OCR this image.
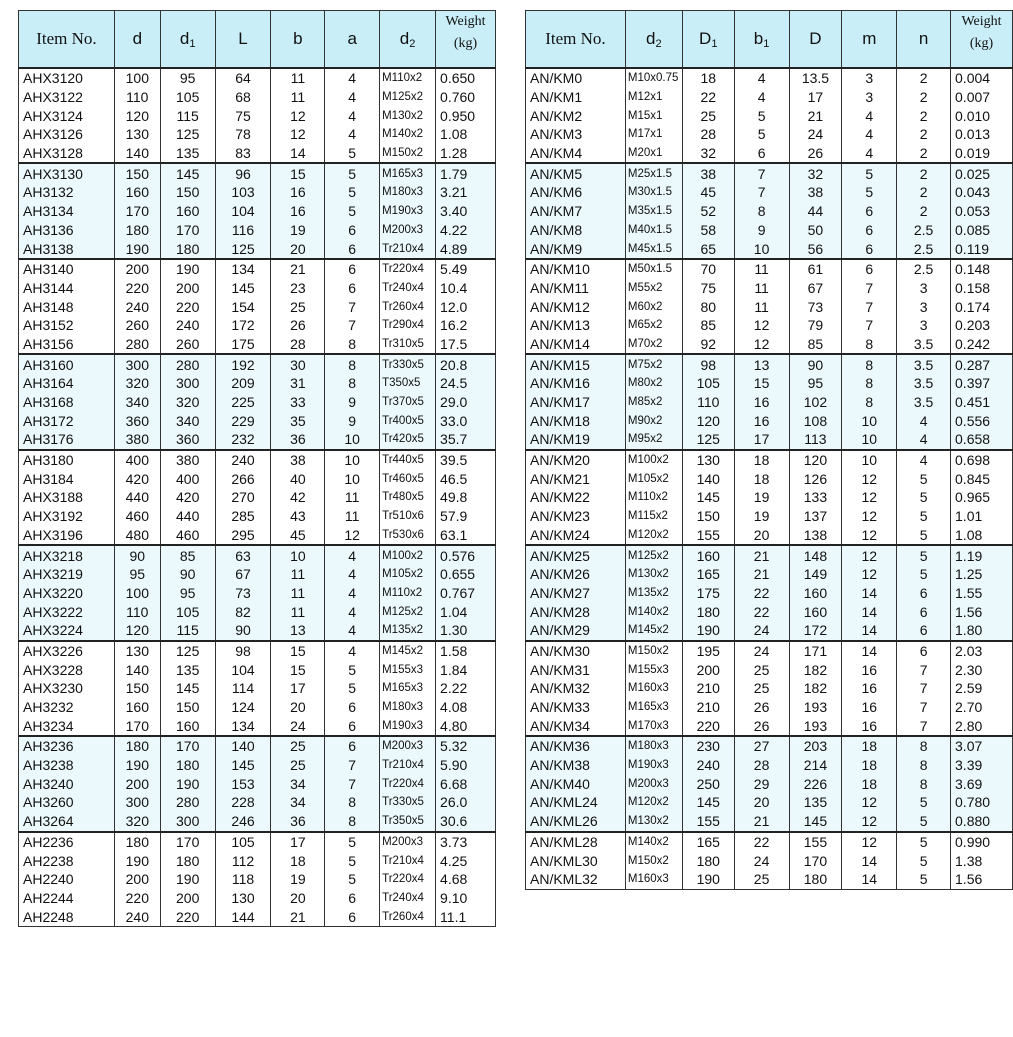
Item No.	d	$d_1$	L	b	a	$d_2$	Weight
(kg)
AHX3120	100	95	64	11	4	M110x2	0.650
AHX3122	110	105	68	11	4	M125x2	0.760
AHX3124	120	115	75	12	4	M130x2	0.950
AHX3126	130	125	78	12	4	M140x2	1.08
AHX3128	140	135	83	14	5	M150x2	1.28
AHX3130	150	145	96	15	5	M165x3	1.79
AH3132	160	150	103	16	5	M180x3	3.21
AH3134	170	160	104	16	5	M190x3	3.40
AH3136	180	170	116	19	6	M200x3	4.22
AH3138	190	180	125	20	6	Tr210x4	4.89
AH3140	200	190	134	21	6	Tr220x4	5.49
AH3144	220	200	145	23	6	Tr240x4	10.4
AH3148	240	220	154	25	7	Tr260x4	12.0
AH3152	260	240	172	26	7	Tr290x4	16.2
AH3156	280	260	175	28	8	Tr310x5	17.5
AH3160	300	280	192	30	8	Tr330x5	20.8
AH3164	320	300	209	31	8	T350x5	24.5
AH3168	340	320	225	33	9	Tr370x5	29.0
AH3172	360	340	229	35	9	Tr400x5	33.0
AH3176	380	360	232	36	10	Tr420x5	35.7
AH3180	400	380	240	38	10	Tr440x5	39.5
AH3184	420	400	266	40	10	Tr460x5	46.5
AHX3188	440	420	270	42	11	Tr480x5	49.8
AHX3192	460	440	285	43	11	Tr510x6	57.9
AHX3196	480	460	295	45	12	Tr530x6	63.1
AHX3218	90	85	63	10	4	M100x2	0.576
AHX3219	95	90	67	11	4	M105x2	0.655
AHX3220	100	95	73	11	4	M110x2	0.767
AHX3222	110	105	82	11	4	M125x2	1.04
AHX3224	120	115	90	13	4	M135x2	1.30
AHX3226	130	125	98	15	4	M145x2	1.58
AHX3228	140	135	104	15	5	M155x3	1.84
AHX3230	150	145	114	17	5	M165x3	2.22
AH3232	160	150	124	20	6	M180x3	4.08
AH3234	170	160	134	24	6	M190x3	4.80
AH3236	180	170	140	25	6	M200x3	5.32
AH3238	190	180	145	25	7	Tr210x4	5.90
AH3240	200	190	153	34	7	Tr220x4	6.68
AH3260	300	280	228	34	8	Tr330x5	26.0
AH3264	320	300	246	36	8	Tr350x5	30.6
AH2236	180	170	105	17	5	M200x3	3.73
AH2238	190	180	112	18	5	Tr210x4	4.25
AH2240	200	190	118	19	5	Tr220x4	4.68
AH2244	220	200	130	20	6	Tr240x4	9.10
AH2248	240	220	144	21	6	Tr260x4	11.1
Item No.	$d_2$	$D_1$	$b_1$	D	m	n	Weight
(kg)
AN/KM0	M10x0.75	18	4	13.5	3	2	0.004
AN/KM1	M12x1	22	4	17	3	2	0.007
AN/KM2	M15x1	25	5	21	4	2	0.010
AN/KM3	M17x1	28	5	24	4	2	0.013
AN/KM4	M20x1	32	6	26	4	2	0.019
AN/KM5	M25x1.5	38	7	32	5	2	0.025
AN/KM6	M30x1.5	45	7	38	5	2	0.043
AN/KM7	M35x1.5	52	8	44	6	2	0.053
AN/KM8	M40x1.5	58	9	50	6	2.5	0.085
AN/KM9	M45x1.5	65	10	56	6	2.5	0.119
AN/KM10	M50x1.5	70	11	61	6	2.5	0.148
AN/KM11	M55x2	75	11	67	7	3	0.158
AN/KM12	M60x2	80	11	73	7	3	0.174
AN/KM13	M65x2	85	12	79	7	3	0.203
AN/KM14	M70x2	92	12	85	8	3.5	0.242
AN/KM15	M75x2	98	13	90	8	3.5	0.287
AN/KM16	M80x2	105	15	95	8	3.5	0.397
AN/KM17	M85x2	110	16	102	8	3.5	0.451
AN/KM18	M90x2	120	16	108	10	4	0.556
AN/KM19	M95x2	125	17	113	10	4	0.658
AN/KM20	M100x2	130	18	120	10	4	0.698
AN/KM21	M105x2	140	18	126	12	5	0.845
AN/KM22	M110x2	145	19	133	12	5	0.965
AN/KM23	M115x2	150	19	137	12	5	1.01
AN/KM24	M120x2	155	20	138	12	5	1.08
AN/KM25	M125x2	160	21	148	12	5	1.19
AN/KM26	M130x2	165	21	149	12	5	1.25
AN/KM27	M135x2	175	22	160	14	6	1.55
AN/KM28	M140x2	180	22	160	14	6	1.56
AN/KM29	M145x2	190	24	172	14	6	1.80
AN/KM30	M150x2	195	24	171	14	6	2.03
AN/KM31	M155x3	200	25	182	16	7	2.30
AN/KM32	M160x3	210	25	182	16	7	2.59
AN/KM33	M165x3	210	26	193	16	7	2.70
AN/KM34	M170x3	220	26	193	16	7	2.80
AN/KM36	M180x3	230	27	203	18	8	3.07
AN/KM38	M190x3	240	28	214	18	8	3.39
AN/KM40	M200x3	250	29	226	18	8	3.69
AN/KML24	M120x2	145	20	135	12	5	0.780
AN/KML26	M130x2	155	21	145	12	5	0.880
AN/KML28	M140x2	165	22	155	12	5	0.990
AN/KML30	M150x2	180	24	170	14	5	1.38
AN/KML32	M160x3	190	25	180	14	5	1.56
